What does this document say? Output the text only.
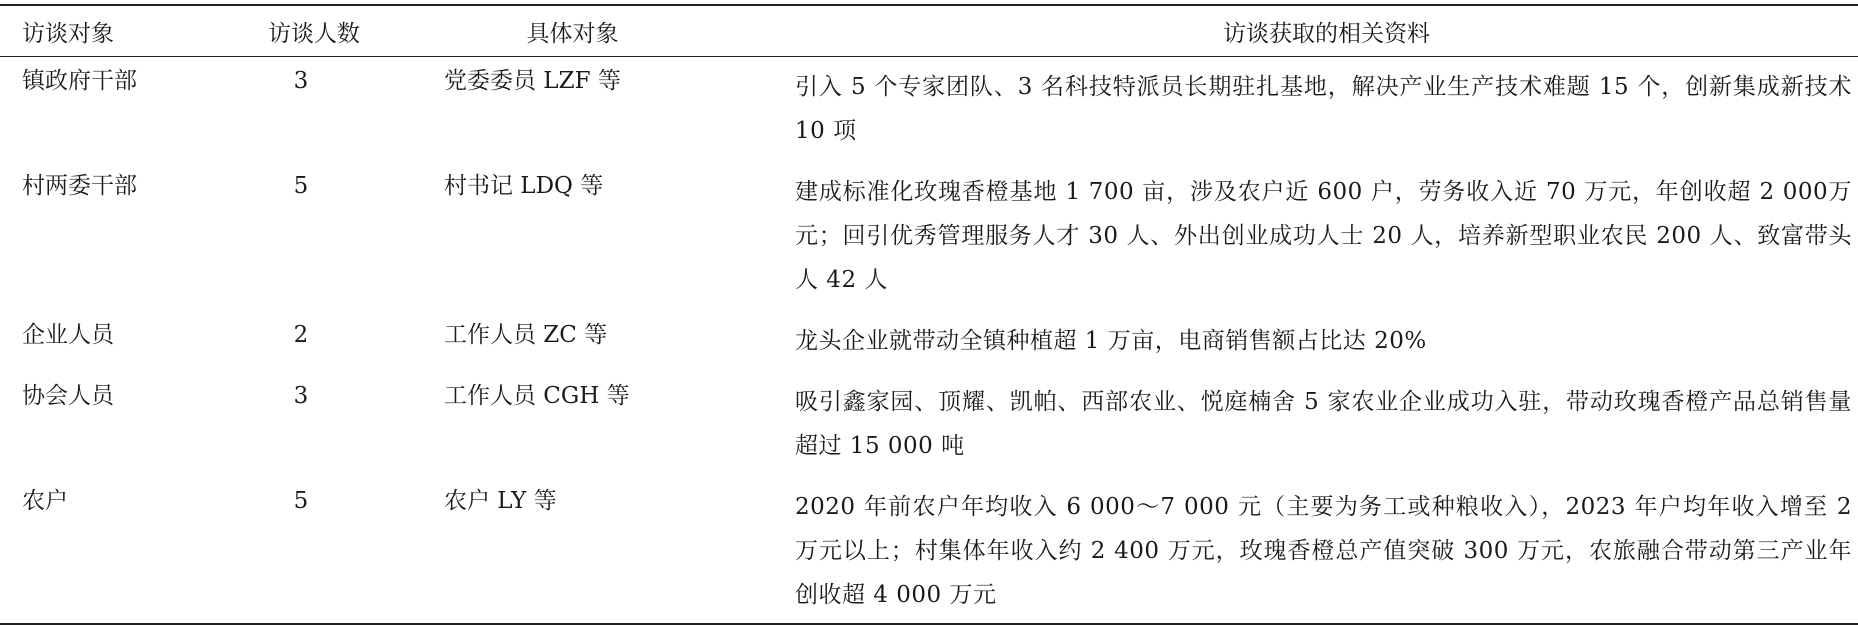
访谈对象	访谈人数	具体对象	访谈获取的相关资料
镇政府干部	3	党委委员 LZF 等	引入 5 个专家团队、3 名科技特派员长期驻扎基地，解决产业生产技术难题 15 个，创新集成新技术 10 项
村两委干部	5	村书记 LDQ 等	建成标准化玫瑰香橙基地 1 700 亩，涉及农户近 600 户，劳务收入近 70 万元，年创收超 2 000万元；回引优秀管理服务人才 30 人、外出创业成功人士 20 人，培养新型职业农民 200 人、致富带头人 42 人
企业人员	2	工作人员 ZC 等	龙头企业就带动全镇种植超 1 万亩，电商销售额占比达 20%
协会人员	3	工作人员 CGH 等	吸引鑫家园、顶耀、凯帕、西部农业、悦庭楠舍 5 家农业企业成功入驻，带动玫瑰香橙产品总销售量超过 15 000 吨
农户	5	农户 LY 等	2020 年前农户年均收入 6 000～7 000 元（主要为务工或种粮收入），2023 年户均年收入增至 2 万元以上；村集体年收入约 2 400 万元，玫瑰香橙总产值突破 300 万元，农旅融合带动第三产业年创收超 4 000 万元
